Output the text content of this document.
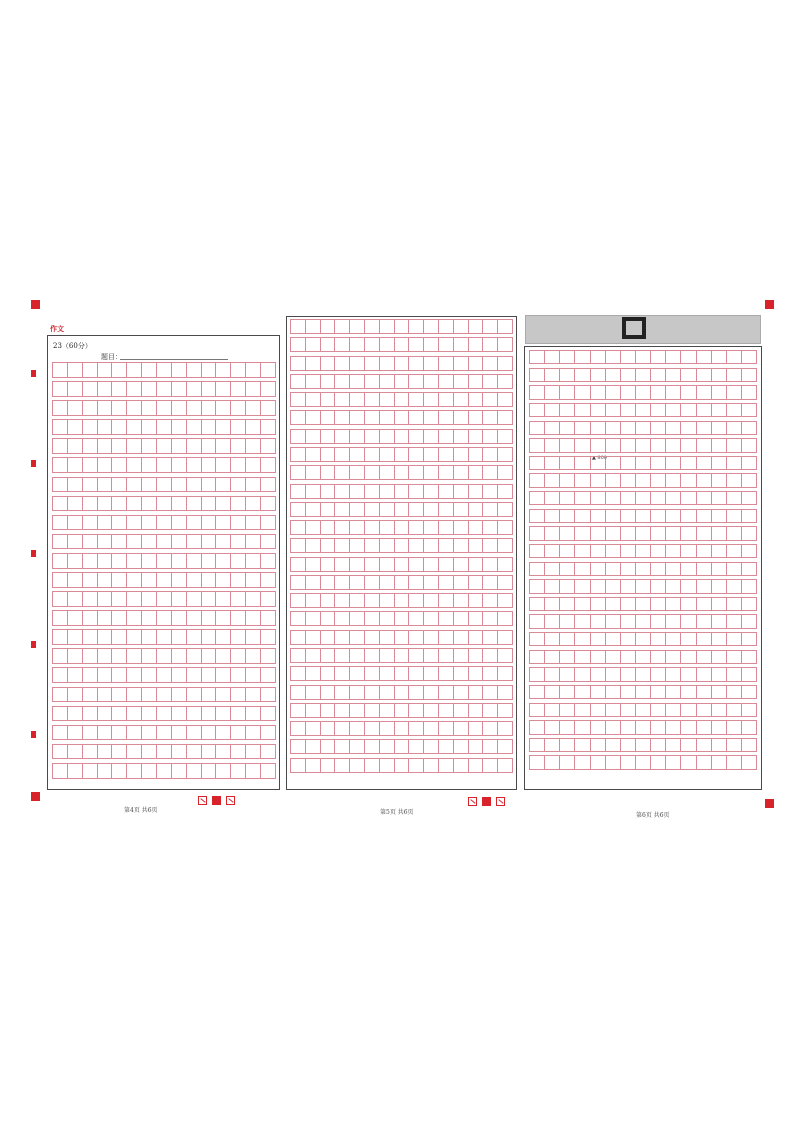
作文
23（60分）
题目：
▲ 800
第4页 共6页	第5页 共6页	第6页 共6页
